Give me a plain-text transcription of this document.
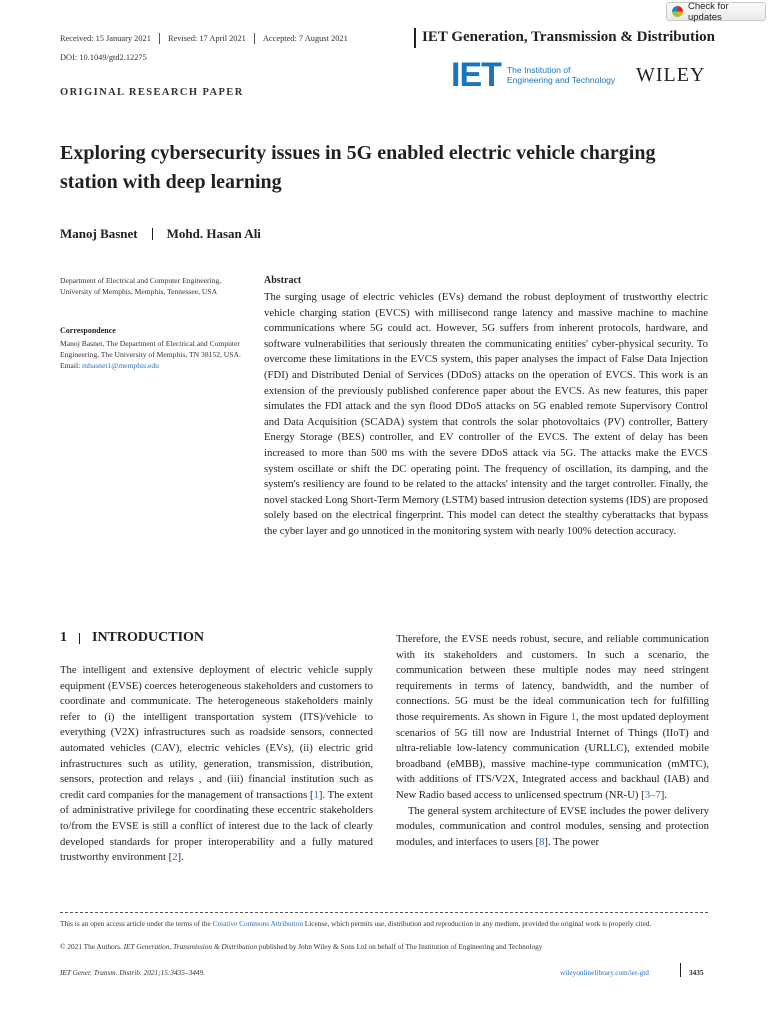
Received: 15 January 2021 Revised: 17 April 2021 Accepted: 7 August 2021
DOI: 10.1049/gtd2.12275
IET Generation, Transmission & Distribution
Check for updates
IET The Institution of
Engineering and Technology WILEY
ORIGINAL RESEARCH PAPER
Exploring cybersecurity issues in 5G enabled electric vehicle charging station with deep learning
Manoj Basnet Mohd. Hasan Ali
Department of Electrical and Computer Engineering, University of Memphis, Memphis, Tennessee, USA
Correspondence
Manoj Basnet, The Department of Electrical and Computer Engineering, The University of Memphis, TN 38152, USA.
Email: mbasnet1@memphis.edu
Abstract
The surging usage of electric vehicles (EVs) demand the robust deployment of trustworthy electric vehicle charging station (EVCS) with millisecond range latency and massive machine to machine communications where 5G could act. However, 5G suffers from inherent protocols, hardware, and software vulnerabilities that seriously threaten the communicating entities' cyber-physical security. To overcome these limitations in the EVCS system, this paper analyses the impact of False Data Injection (FDI) and Distributed Denial of Services (DDoS) attacks on the operation of EVCS. This work is an extension of the previously published conference paper about the EVCS. As new features, this paper simulates the FDI attack and the syn flood DDoS attacks on 5G enabled remote Supervisory Control and Data Acquisition (SCADA) system that controls the solar photovoltaics (PV) controller, Battery Energy Storage (BES) controller, and EV controller of the EVCS. The extent of delay has been increased to more than 500 ms with the severe DDoS attack via 5G. The attacks make the EVCS system oscillate or shift the DC operating point. The frequency of oscillation, its damping, and the system's resiliency are found to be related to the attacks' intensity and the target controller. Finally, the novel stacked Long Short-Term Memory (LSTM) based intrusion detection systems (IDS) are proposed solely based on the electrical fingerprint. This model can detect the stealthy cyberattacks that bypass the cyber layer and go unnoticed in the monitoring system with nearly 100% detection accuracy.
1 INTRODUCTION

The intelligent and extensive deployment of electric vehicle supply equipment (EVSE) coerces heterogeneous stakeholders and customers to coordinate and communicate. The heterogeneous stakeholders mainly refer to (i) the intelligent transportation system (ITS)/vehicle to everything (V2X) infrastructures such as roadside sensors, connected automated vehicles (CAV), electric vehicles (EVs), (ii) electric grid infrastructures such as utility, generation, transmission, distribution, sensors, protection and relays , and (iii) financial institution such as credit card companies for the management of transactions [1]. The extent of administrative privilege for coordinating these eccentric stakeholders to/from the EVSE is still a conflict of interest due to the lack of clearly developed standards for proper interoperability and a fully matured trustworthy environment [2].

Therefore, the EVSE needs robust, secure, and reliable communication with its stakeholders and customers. In such a scenario, the communication between these multiple nodes may need stringent requirements in terms of latency, bandwidth, and the number of connections. 5G must be the ideal communication tech for fulfilling those requirements. As shown in Figure 1, the most updated deployment scenarios of 5G till now are Industrial Internet of Things (IIoT) and ultra-reliable low-latency communication (URLLC), extended mobile broadband (eMBB), massive machine-type communication (mMTC), with additions of ITS/V2X, Integrated access and backhaul (IAB) and New Radio based access to unlicensed spectrum (NR-U) [3–7].

The general system architecture of EVSE includes the power delivery modules, communication and control modules, sensing and protection modules, and interfaces to users [8]. The power

This is an open access article under the terms of the Creative Commons Attribution License, which permits use, distribution and reproduction in any medium, provided the original work is properly cited.
© 2021 The Authors. IET Generation, Transmission & Distribution published by John Wiley & Sons Ltd on behalf of The Institution of Engineering and Technology
IET Gener. Transm. Distrib. 2021;15:3435–3449.	wileyonlinelibrary.com/iet-gtd	3435
